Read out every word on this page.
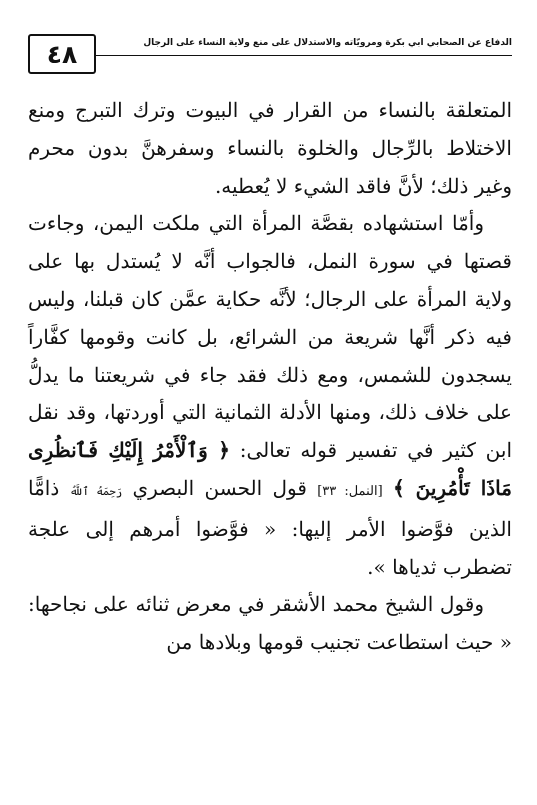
٤٨	الدفاع عن الصحابي أبي بكرة ومرويّاته والاستدلال على منع ولاية النساء على الرجال

المتعلقة بالنساء من القرار في البيوت وترك التبرج ومنع الاختلاط بالرِّجال والخلوة بالنساء وسفرهنَّ بدون محرم وغير ذلك؛ لأنَّ فاقد الشيء لا يُعطيه.

وأمّا استشهاده بقصَّة المرأة التي ملكت اليمن، وجاءت قصتها في سورة النمل، فالجواب أنَّه لا يُستدل بها على ولاية المرأة على الرجال؛ لأنَّه حكاية عمَّن كان قبلنا، وليس فيه ذكر أنَّها شريعة من الشرائع، بل كانت وقومها كفَّاراً يسجدون للشمس، ومع ذلك فقد جاء في شريعتنا ما يدلُّ على خلاف ذلك، ومنها الأدلة الثمانية التي أوردتها، وقد نقل ابن كثير في تفسير قوله تعالى: ﴿ وَٱلْأَمْرُ إِلَيْكِ فَٱنظُرِى مَاذَا تَأْمُرِينَ ﴾ [النمل: ٣٣] قول الحسن البصري رَحِمَهُ ٱللَّهُ ذامًّا الذين فوَّضوا الأمر إليها: « فوَّضوا أمرهم إلى علجة تضطرب ثدياها ».

وقول الشيخ محمد الأشقر في معرض ثنائه على نجاحها: « حيث استطاعت تجنيب قومها وبلادها من
